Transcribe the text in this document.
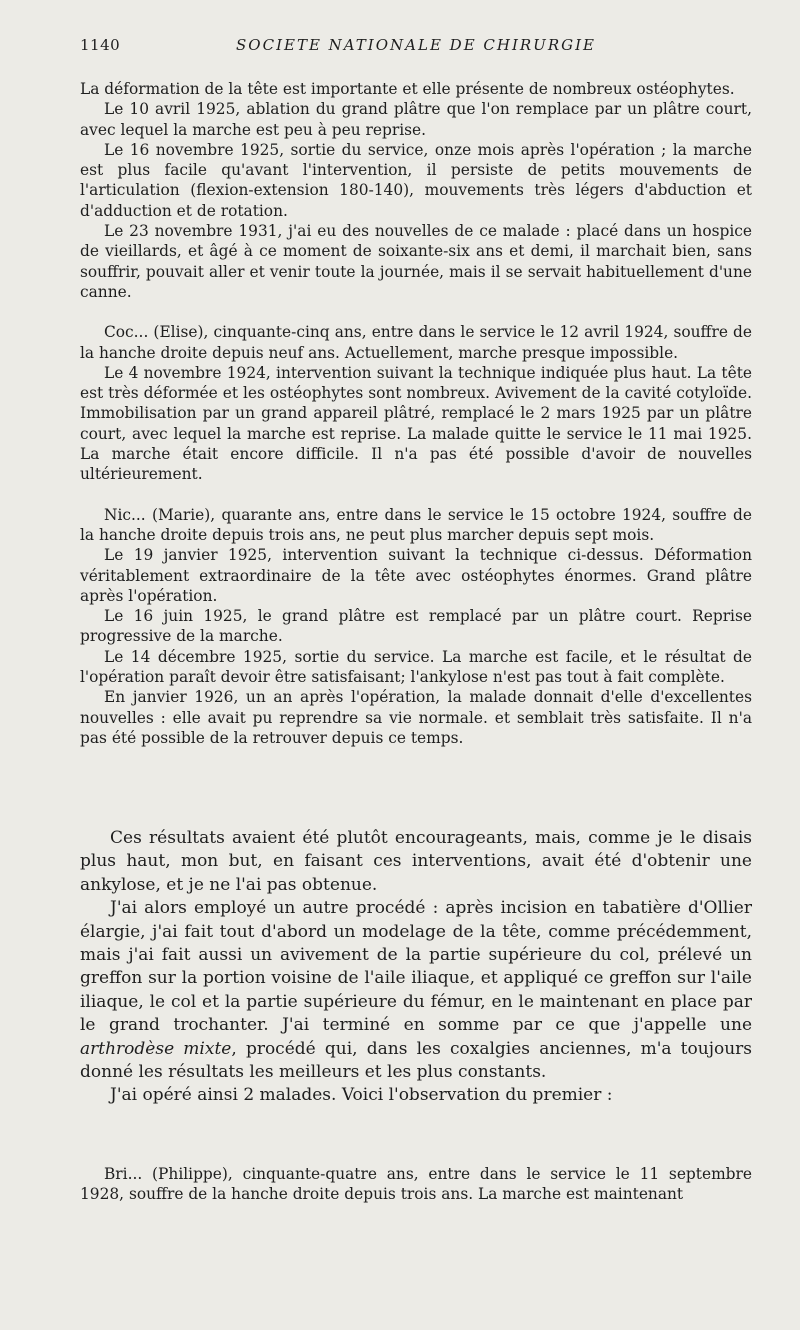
1140	SOCIETE NATIONALE DE CHIRURGIE

La déformation de la tête est importante et elle présente de nombreux ostéophytes.

Le 10 avril 1925, ablation du grand plâtre que l'on remplace par un plâtre court, avec lequel la marche est peu à peu reprise.

Le 16 novembre 1925, sortie du service, onze mois après l'opération ; la marche est plus facile qu'avant l'intervention, il persiste de petits mouvements de l'articulation (flexion-extension 180-140), mouvements très légers d'abduction et d'adduction et de rotation.

Le 23 novembre 1931, j'ai eu des nouvelles de ce malade : placé dans un hospice de vieillards, et âgé à ce moment de soixante-six ans et demi, il marchait bien, sans souffrir, pouvait aller et venir toute la journée, mais il se servait habituellement d'une canne.

Coc... (Elise), cinquante-cinq ans, entre dans le service le 12 avril 1924, souffre de la hanche droite depuis neuf ans. Actuellement, marche presque impossible.

Le 4 novembre 1924, intervention suivant la technique indiquée plus haut. La tête est très déformée et les ostéophytes sont nombreux. Avivement de la cavité cotyloïde. Immobilisation par un grand appareil plâtré, remplacé le 2 mars 1925 par un plâtre court, avec lequel la marche est reprise. La malade quitte le service le 11 mai 1925. La marche était encore difficile. Il n'a pas été possible d'avoir de nouvelles ultérieurement.

Nic... (Marie), quarante ans, entre dans le service le 15 octobre 1924, souffre de la hanche droite depuis trois ans, ne peut plus marcher depuis sept mois.

Le 19 janvier 1925, intervention suivant la technique ci-dessus. Déformation véritablement extraordinaire de la tête avec ostéophytes énormes. Grand plâtre après l'opération.

Le 16 juin 1925, le grand plâtre est remplacé par un plâtre court. Reprise progressive de la marche.

Le 14 décembre 1925, sortie du service. La marche est facile, et le résultat de l'opération paraît devoir être satisfaisant; l'ankylose n'est pas tout à fait complète.

En janvier 1926, un an après l'opération, la malade donnait d'elle d'excellentes nouvelles : elle avait pu reprendre sa vie normale. et semblait très satisfaite. Il n'a pas été possible de la retrouver depuis ce temps.

Ces résultats avaient été plutôt encourageants, mais, comme je le disais plus haut, mon but, en faisant ces interventions, avait été d'obtenir une ankylose, et je ne l'ai pas obtenue.

J'ai alors employé un autre procédé : après incision en tabatière d'Ollier élargie, j'ai fait tout d'abord un modelage de la tête, comme précédemment, mais j'ai fait aussi un avivement de la partie supérieure du col, prélevé un greffon sur la portion voisine de l'aile iliaque, et appliqué ce greffon sur l'aile iliaque, le col et la partie supérieure du fémur, en le maintenant en place par le grand trochanter. J'ai terminé en somme par ce que j'appelle une arthrodèse mixte, procédé qui, dans les coxalgies anciennes, m'a toujours donné les résultats les meilleurs et les plus constants.

J'ai opéré ainsi 2 malades. Voici l'observation du premier :

Bri... (Philippe), cinquante-quatre ans, entre dans le service le 11 septembre 1928, souffre de la hanche droite depuis trois ans. La marche est maintenant
